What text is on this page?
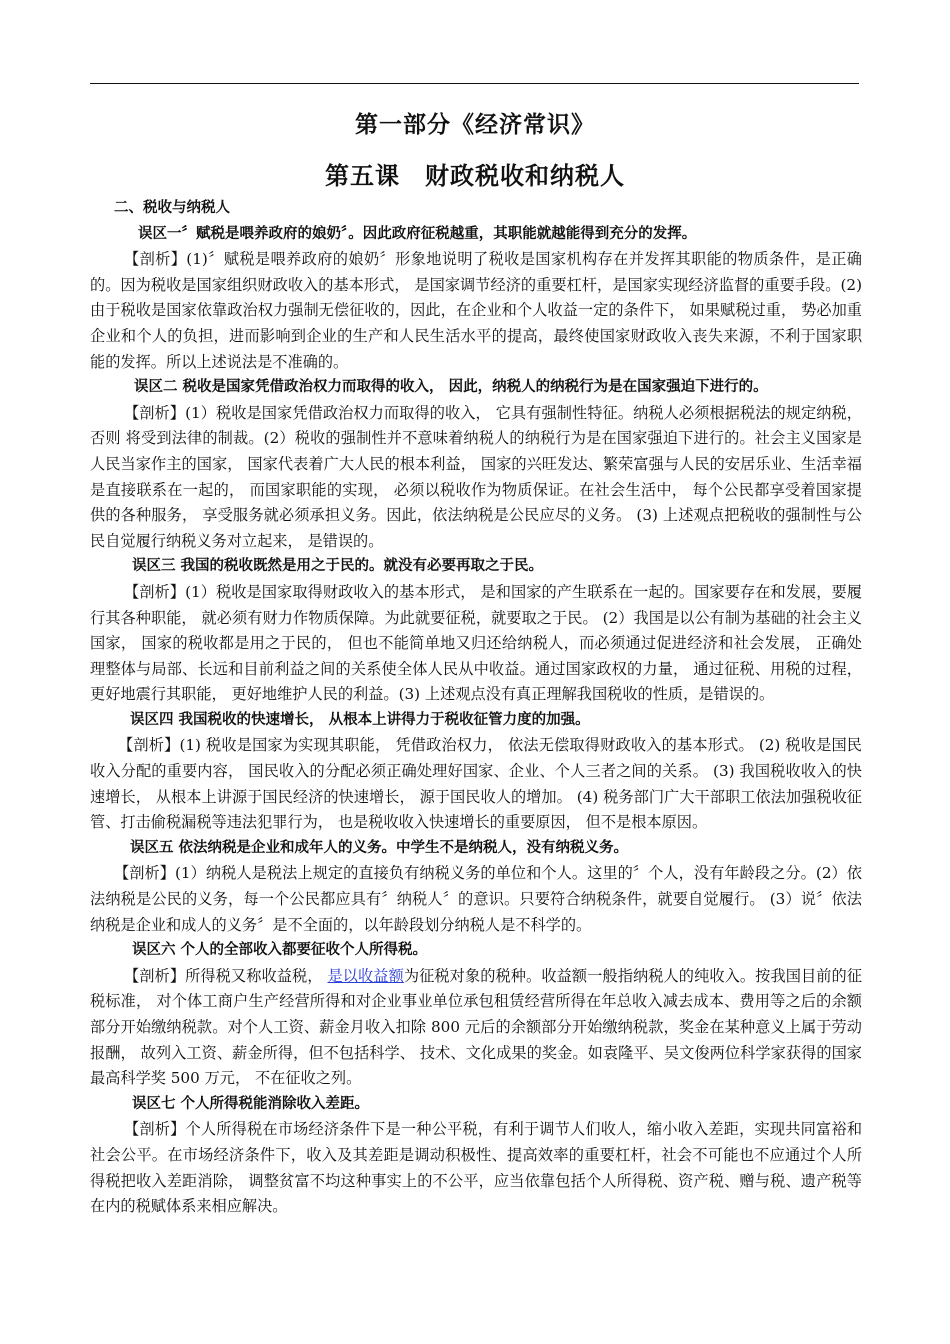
第一部分《经济常识》
第五课　财政税收和纳税人

二、税收与纳税人

误区一〞赋税是喂养政府的娘奶〞。因此政府征税越重，其职能就越能得到充分的发挥。

【剖析】(1)〞赋税是喂养政府的娘奶〞形象地说明了税收是国家机构存在并发挥其职能的物质条件，是正确的。因为税收是国家组织财政收入的基本形式， 是国家调节经济的重要杠杆，是国家实现经济监督的重要手段。(2) 由于税收是国家依靠政治权力强制无偿征收的，因此，在企业和个人收益一定的条件下， 如果赋税过重， 势必加重企业和个人的负担，进而影响到企业的生产和人民生活水平的提高，最终使国家财政收入丧失来源，不利于国家职能的发挥。所以上述说法是不准确的。

误区二 税收是国家凭借政治权力而取得的收入， 因此，纳税人的纳税行为是在国家强迫下进行的。

【剖析】(1）税收是国家凭借政治权力而取得的收入， 它具有强制性特征。纳税人必须根据税法的规定纳税， 否则 将受到法律的制裁。(2）税收的强制性并不意味着纳税人的纳税行为是在国家强迫下进行的。社会主义国家是人民当家作主的国家， 国家代表着广大人民的根本利益， 国家的兴旺发达、繁荣富强与人民的安居乐业、生活幸福是直接联系在一起的， 而国家职能的实现， 必须以税收作为物质保证。在社会生活中， 每个公民都享受着国家提供的各种服务， 享受服务就必须承担义务。因此，依法纳税是公民应尽的义务。 (3) 上述观点把税收的强制性与公民自觉履行纳税义务对立起来， 是错误的。

误区三 我国的税收既然是用之于民的。就没有必要再取之于民。

【剖析】(1）税收是国家取得财政收入的基本形式， 是和国家的产生联系在一起的。国家要存在和发展，要履行其各种职能， 就必须有财力作物质保障。为此就要征税，就要取之于民。 (2）我国是以公有制为基础的社会主义国家， 国家的税收都是用之于民的， 但也不能简单地又归还给纳税人，而必须通过促进经济和社会发展， 正确处理整体与局部、长远和目前利益之间的关系使全体人民从中收益。通过国家政权的力量， 通过征税、用税的过程， 更好地震行其职能， 更好地维护人民的利益。(3) 上述观点没有真正理解我国税收的性质，是错误的。

误区四 我国税收的快速增长， 从根本上讲得力于税收征管力度的加强。

【剖析】(1) 税收是国家为实现其职能， 凭借政治权力， 依法无偿取得财政收入的基本形式。 (2) 税收是国民收入分配的重要内容， 国民收入的分配必须正确处理好国家、企业、个人三者之间的关系。 (3) 我国税收收入的快速增长， 从根本上讲源于国民经济的快速增长， 源于国民收人的增加。 (4) 税务部门广大干部职工依法加强税收征管、打击偷税漏税等违法犯罪行为， 也是税收收入快速增长的重要原因， 但不是根本原因。

误区五 依法纳税是企业和成年人的义务。中学生不是纳税人，没有纳税义务。

【剖析】(1）纳税人是税法上规定的直接负有纳税义务的单位和个人。这里的〞个人，没有年龄段之分。(2）依法纳税是公民的义务，每一个公民都应具有〞纳税人〞的意识。只要符合纳税条件，就要自觉履行。 (3）说〞依法纳税是企业和成人的义务〞是不全面的，以年龄段划分纳税人是不科学的。

误区六 个人的全部收入都要征收个人所得税。

【剖析】所得税又称收益税， 是以收益额为征税对象的税种。收益额一般指纳税人的纯收入。按我国目前的征税标准， 对个体工商户生产经营所得和对企业事业单位承包租赁经营所得在年总收入减去成本、费用等之后的余额部分开始缴纳税款。对个人工资、薪金月收入扣除 800 元后的余额部分开始缴纳税款，奖金在某种意义上属于劳动报酬， 故列入工资、薪金所得，但不包括科学、 技术、文化成果的奖金。如袁隆平、吴文俊两位科学家获得的国家最高科学奖 500 万元， 不在征收之列。

误区七 个人所得税能消除收入差距。

【剖析】个人所得税在市场经济条件下是一种公平税，有利于调节人们收人，缩小收入差距，实现共同富裕和社会公平。在市场经济条件下，收入及其差距是调动积极性、提高效率的重要杠杆，社会不可能也不应通过个人所得税把收入差距消除， 调整贫富不均这种事实上的不公平，应当依靠包括个人所得税、资产税、赠与税、遗产税等在内的税赋体系来相应解决。
